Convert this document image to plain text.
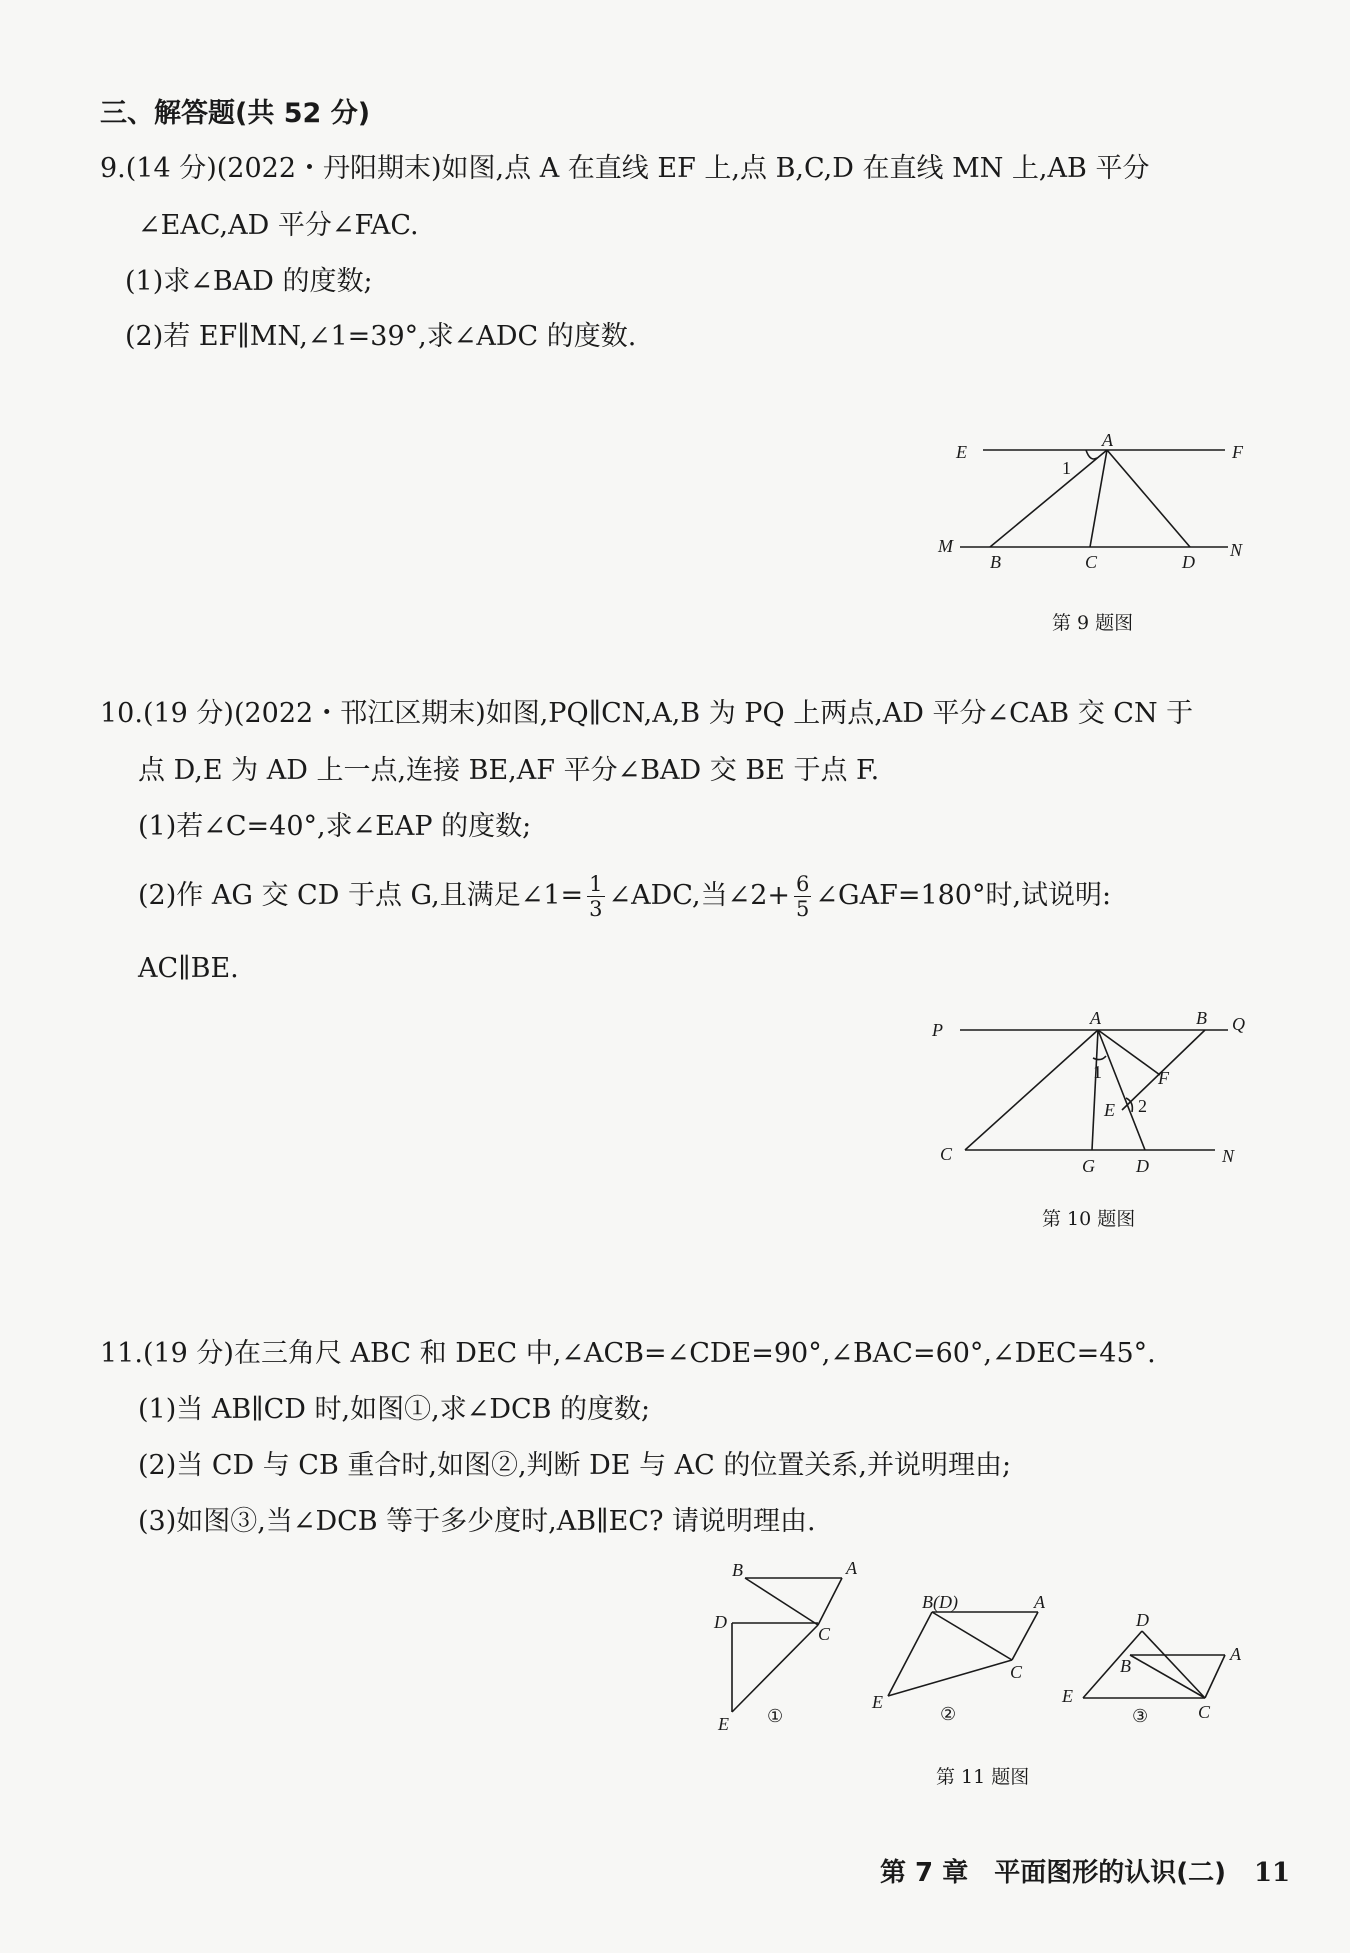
三、解答题(共 52 分)
9.(14 分)(2022・丹阳期末)如图,点 A 在直线 EF 上,点 B,C,D 在直线 MN 上,AB 平分
∠EAC,AD 平分∠FAC.
(1)求∠BAD 的度数;
(2)若 EF∥MN,∠1=39°,求∠ADC 的度数.
E
A
F
1
M
B	C	D
N
第 9 题图
10.(19 分)(2022・邗江区期末)如图,PQ∥CN,A,B 为 PQ 上两点,AD 平分∠CAB 交 CN 于
点 D,E 为 AD 上一点,连接 BE,AF 平分∠BAD 交 BE 于点 F.
(1)若∠C=40°,求∠EAP 的度数;
(2)作 AG 交 CD 于点 G,且满足∠1= $\frac{1}{3}$ ∠ADC,当∠2+ $\frac{6}{5}$ ∠GAF=180°时,试说明:
AC∥BE.
P
A	B Q
1	F
E 2
C
G D	N
第 10 题图
11.(19 分)在三角尺 ABC 和 DEC 中,∠ACB=∠CDE=90°,∠BAC=60°,∠DEC=45°.
(1)当 AB∥CD 时,如图①,求∠DCB 的度数;
(2)当 CD 与 CB 重合时,如图②,判断 DE 与 AC 的位置关系,并说明理由;
(3)如图③,当∠DCB 等于多少度时,AB∥EC? 请说明理由.
B	A
D
C
E ①
B(D)	A
C
E
②
D
B
A
E
C
③
第 11 题图
第 7 章　平面图形的认识(二) 11
